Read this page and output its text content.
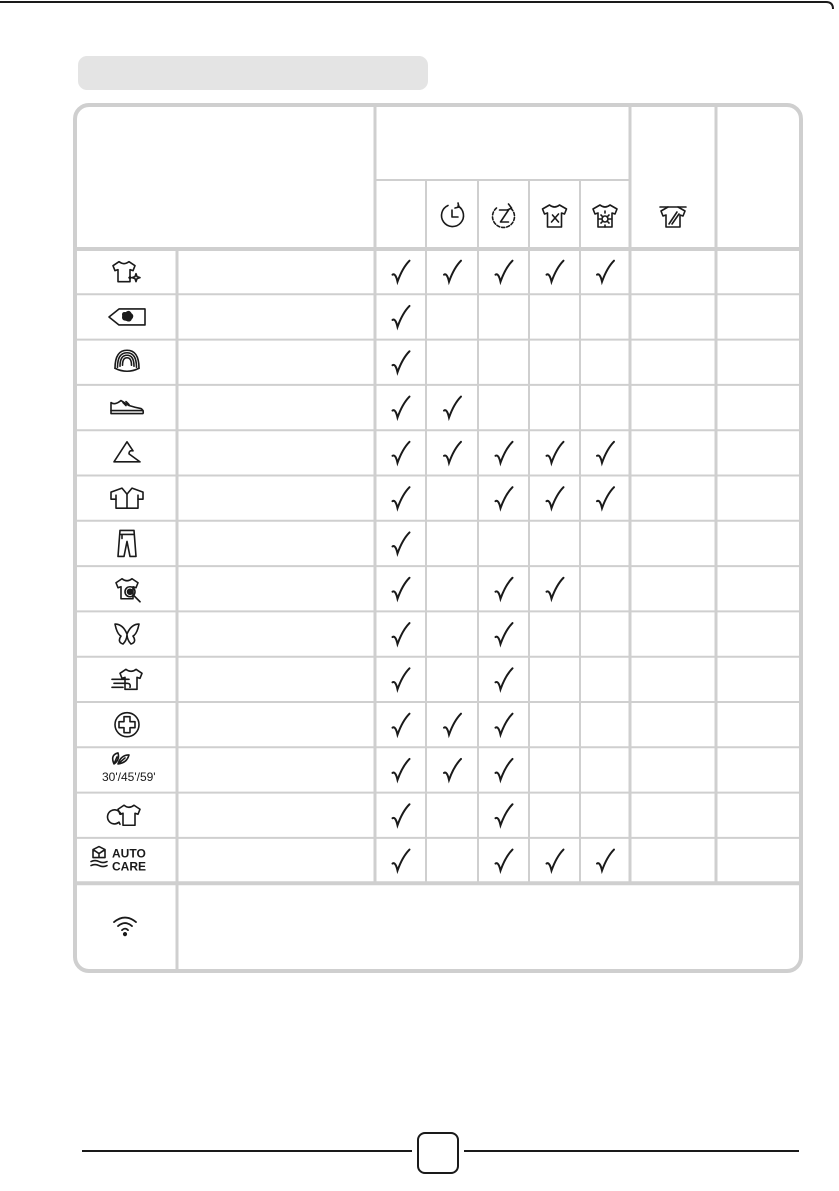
30'/45'/59'
AUTO
CARE
